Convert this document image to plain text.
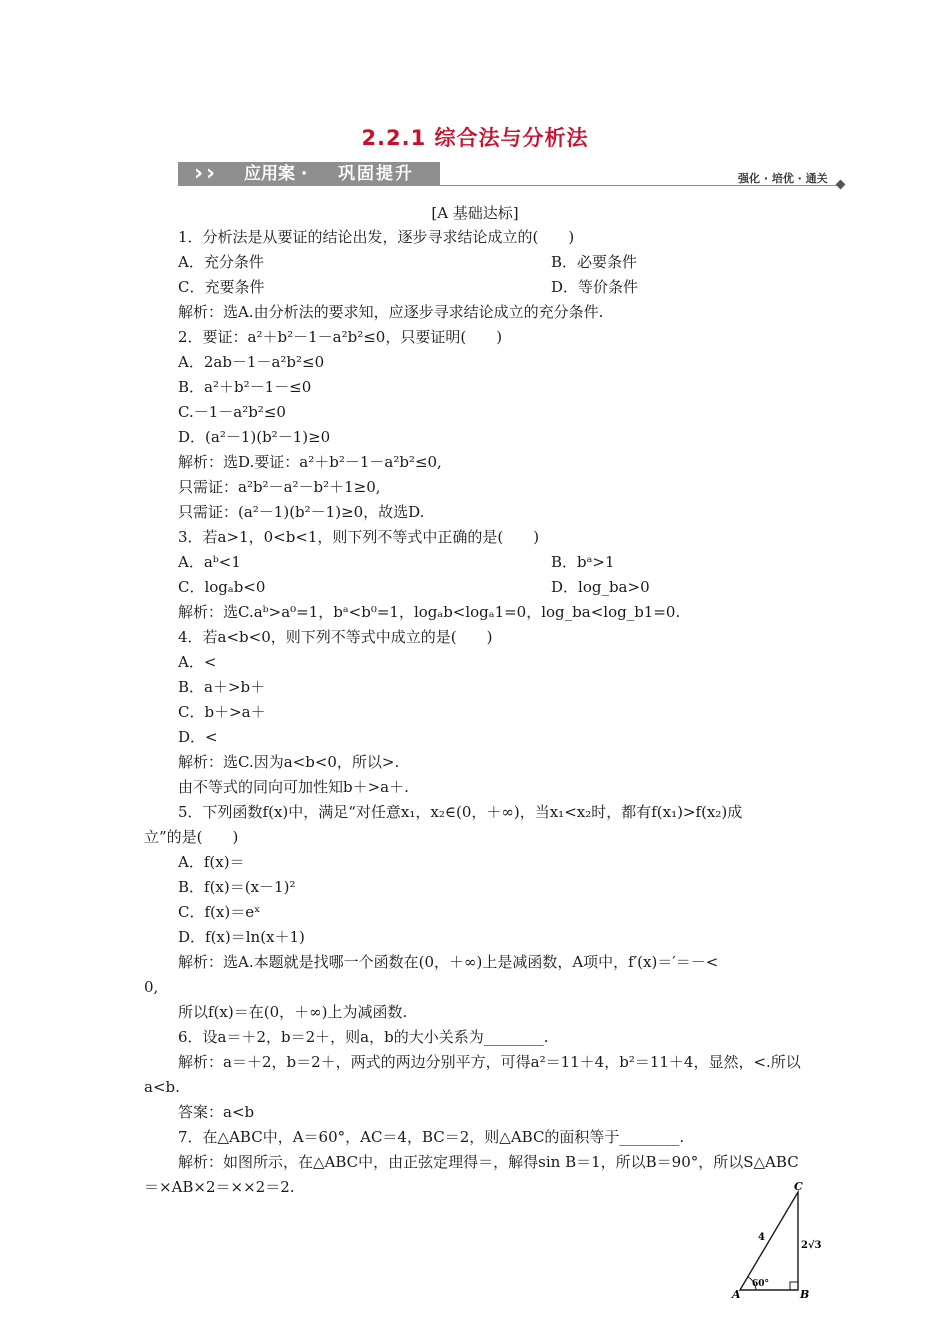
2.2.1 综合法与分析法
› › 应用案 · 巩固提升	强化 · 培优 · 通关
[A 基础达标]
1．分析法是从要证的结论出发，逐步寻求结论成立的(　　)
A．充分条件	B．必要条件
C．充要条件	D．等价条件
解析：选A.由分析法的要求知，应逐步寻求结论成立的充分条件.
2．要证：a²＋b²－1－a²b²≤0，只要证明(　　)
A．2ab－1－a²b²≤0
B．a²＋b²－1－≤0
C.－1－a²b²≤0
D．(a²－1)(b²－1)≥0
解析：选D.要证：a²＋b²－1－a²b²≤0,
只需证：a²b²－a²－b²＋1≥0,
只需证：(a²－1)(b²－1)≥0，故选D.
3．若a>1，0<b<1，则下列不等式中正确的是(　　)
A．aᵇ<1	B．bᵃ>1
C．logₐb<0	D．log_ba>0
解析：选C.aᵇ>a⁰=1，bᵃ<b⁰=1，logₐb<logₐ1=0，log_ba<log_b1=0.
4．若a<b<0，则下列不等式中成立的是(　　)
A．<
B．a＋>b＋
C．b＋>a＋
D．<
解析：选C.因为a<b<0，所以>.
由不等式的同向可加性知b＋>a＋.
5．下列函数f(x)中，满足“对任意x₁，x₂∈(0，＋∞)，当x₁<x₂时，都有f(x₁)>f(x₂)成
立”的是(　　)
A．f(x)＝
B．f(x)＝(x－1)²
C．f(x)＝eˣ
D．f(x)＝ln(x＋1)
解析：选A.本题就是找哪一个函数在(0，＋∞)上是减函数，A项中，f′(x)＝′＝－<
0,
所以f(x)＝在(0，＋∞)上为减函数.
6．设a＝＋2，b＝2＋，则a，b的大小关系为________.
解析：a＝＋2，b＝2＋，两式的两边分别平方，可得a²＝11＋4，b²＝11＋4，显然，<.所以
a<b.
答案：a<b
7．在△ABC中，A＝60°，AC＝4，BC＝2，则△ABC的面积等于________.
解析：如图所示，在△ABC中，由正弦定理得＝，解得sin B＝1，所以B＝90°，所以S△ABC
＝×AB×2＝××2＝2.	C
A	B
4
2√3
60°
